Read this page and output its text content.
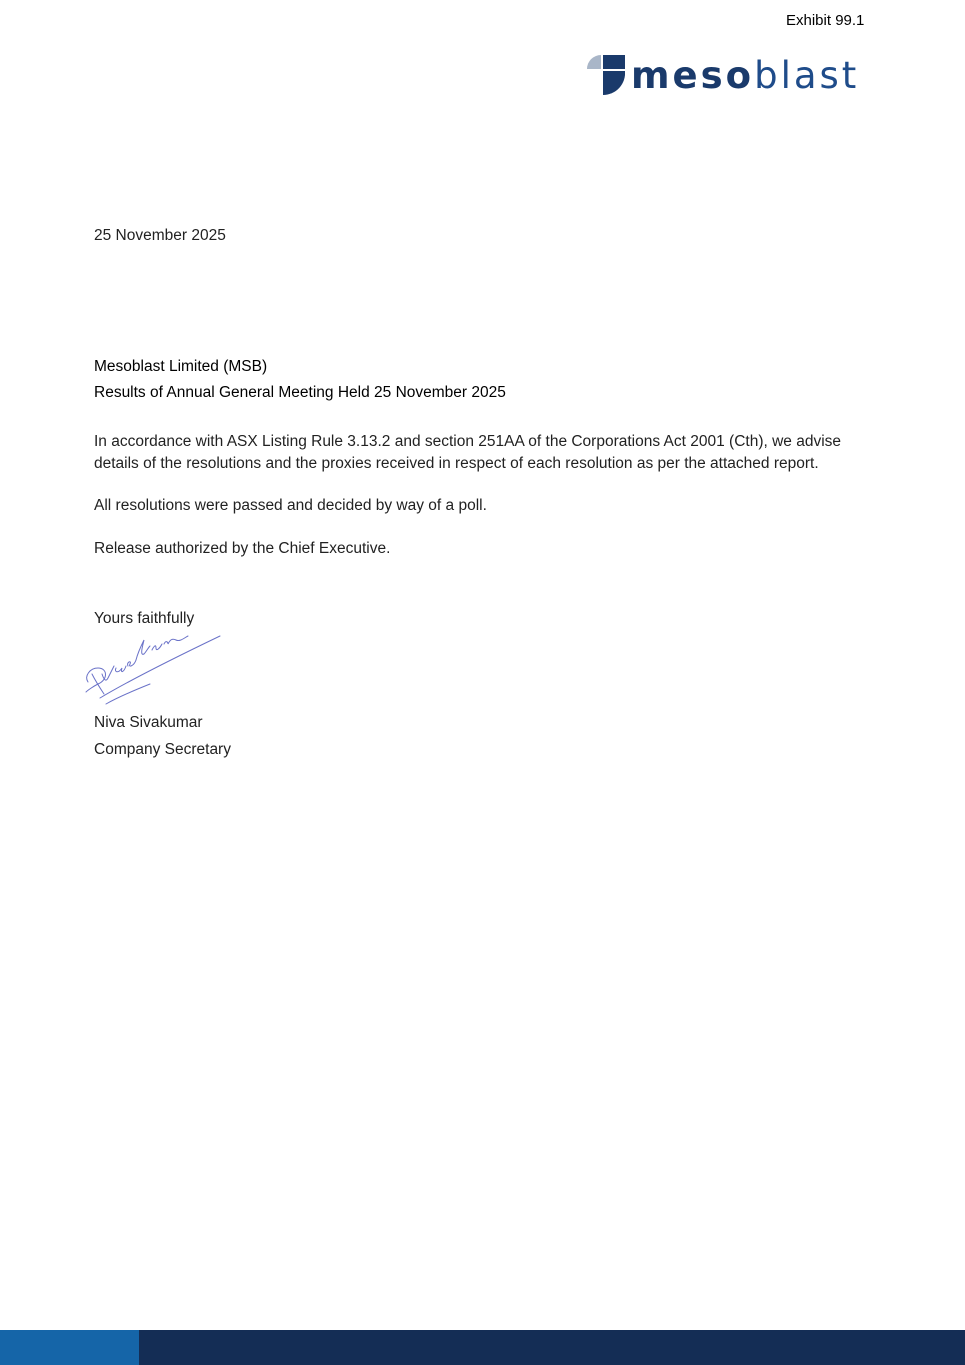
Exhibit 99.1
mesoblast
25 November 2025
Mesoblast Limited (MSB)
Results of Annual General Meeting Held 25 November 2025
In accordance with ASX Listing Rule 3.13.2 and section 251AA of the Corporations Act 2001 (Cth), we advise details of the resolutions and the proxies received in respect of each resolution as per the attached report.
All resolutions were passed and decided by way of a poll.
Release authorized by the Chief Executive.
Yours faithfully
Niva Sivakumar
Company Secretary
